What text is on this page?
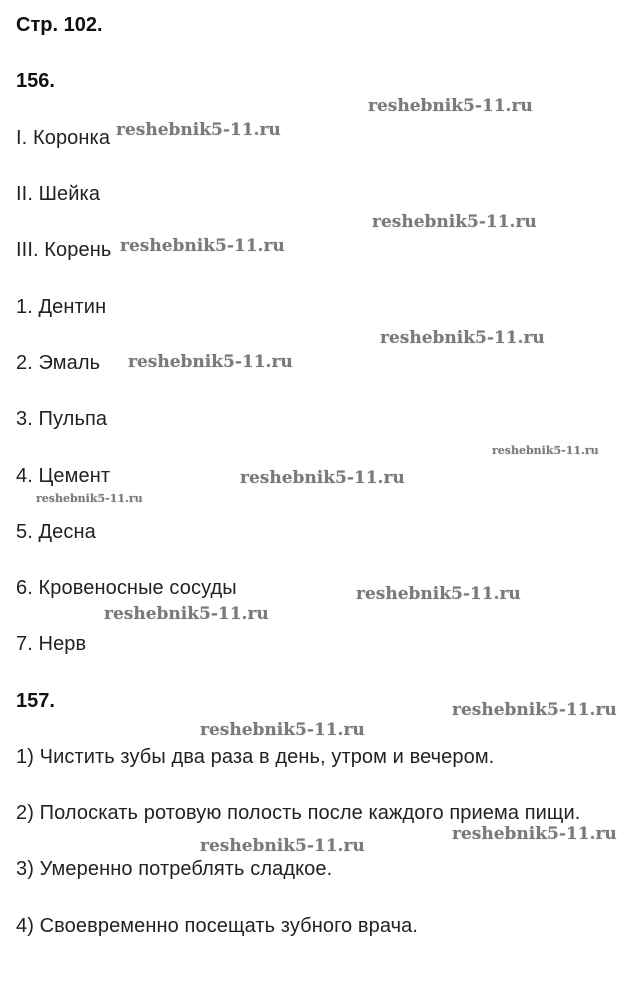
Стр. 102.
156.
I. Коронка
II. Шейка
III. Корень
1. Дентин
2. Эмаль
3. Пульпа
4. Цемент
5. Десна
6. Кровеносные сосуды
7. Нерв
157.
1) Чистить зубы два раза в день, утром и вечером.
2) Полоскать ротовую полость после каждого приема пищи.
3) Умеренно потреблять сладкое.
4) Своевременно посещать зубного врача.
reshebnik5-11.ru
reshebnik5-11.ru
reshebnik5-11.ru
reshebnik5-11.ru
reshebnik5-11.ru
reshebnik5-11.ru
reshebnik5-11.ru
reshebnik5-11.ru
reshebnik5-11.ru
reshebnik5-11.ru
reshebnik5-11.ru
reshebnik5-11.ru
reshebnik5-11.ru
reshebnik5-11.ru
reshebnik5-11.ru
